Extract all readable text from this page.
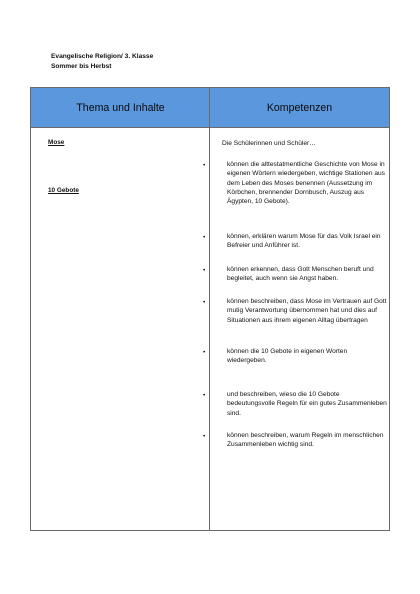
Evangelische Religion/ 3. Klasse
Sommer bis Herbst
Thema und Inhalte	Kompetenzen
Mose
10 Gebote
Die Schülerinnen und Schüler…
•	können die alttestatmentliche Geschichte von Mose in eigenen Wörtern wiedergeben, wichtige Stationen aus dem Leben des Moses benennen (Aussetzung im Körbchen, brennender Dornbusch, Auszug aus Ägypten, 10 Gebote).
•	können, erklären warum Mose für das Volk Israel ein Befreier und Anführer ist.
•	können erkennen, dass Gott Menschen beruft und begleitet, auch wenn sie Angst haben.
•	können beschreiben, dass Mose im Vertrauen auf Gott mutig Verantwortung übernommen hat und dies auf Situationen aus ihrem eigenen Alltag übertragen
•	können die 10 Gebote in eigenen Worten wiedergeben.
•	und beschreiben, wieso die 10 Gebote bedeutungsvolle Regeln für ein gutes Zusammenleben sind.
•	können beschreiben, warum Regeln im menschlichen Zusammenleben wichtig sind.
